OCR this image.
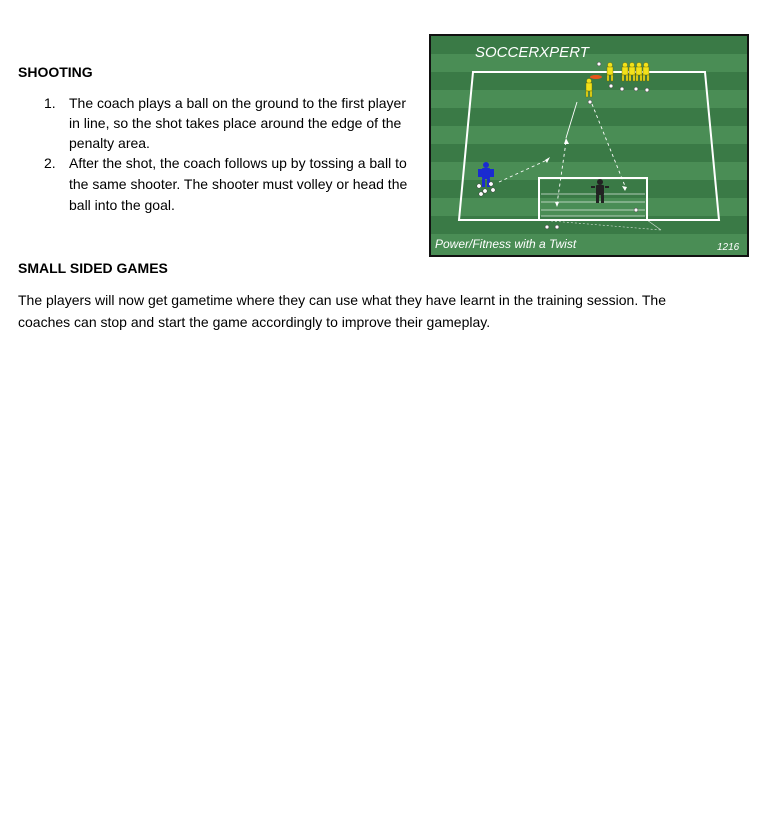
SHOOTING
1. The coach plays a ball on the ground to the first player in line, so the shot takes place around the edge of the penalty area.
2. After the shot, the coach follows up by tossing a ball to the same shooter. The shooter must volley or head the ball into the goal.
SMALL SIDED GAMES

The players will now get gametime where they can use what they have learnt in the training session. The coaches can stop and start the game accordingly to improve their gameplay.

SOCCERXPERT
Power/Fitness with a Twist	1216
